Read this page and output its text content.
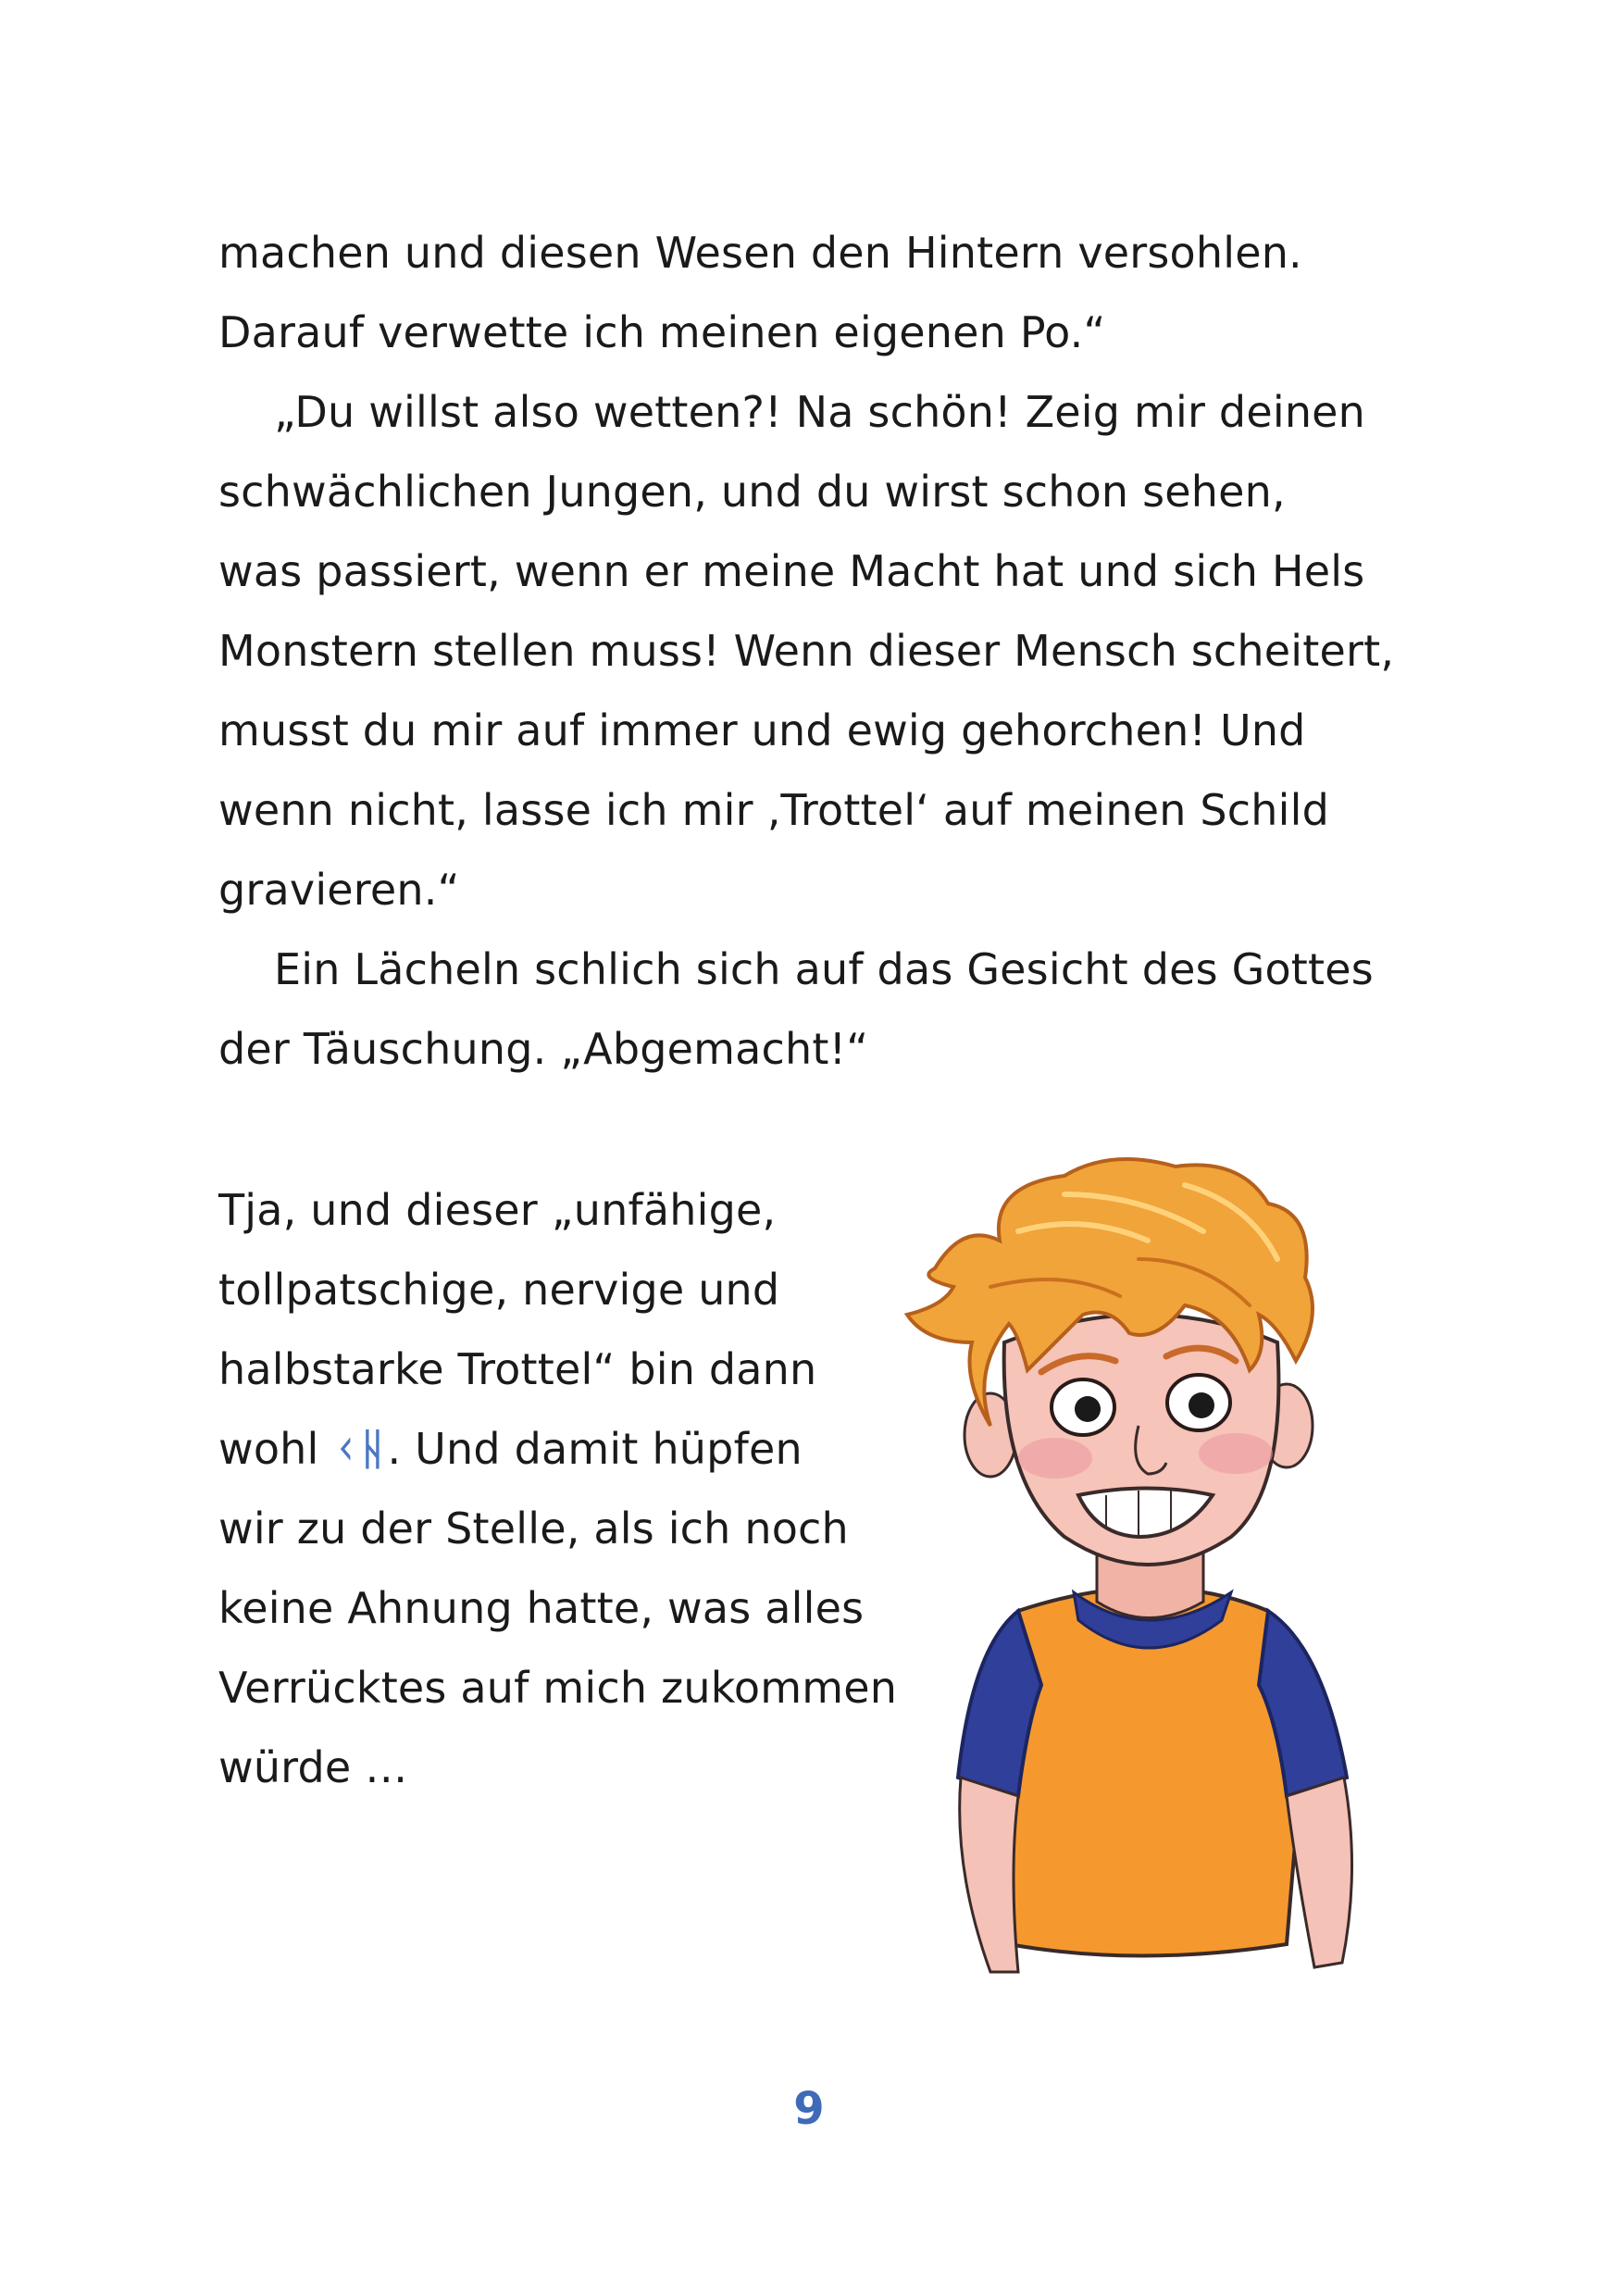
machen und diesen Wesen den Hintern versohlen.
Darauf verwette ich meinen eigenen Po.“
„Du willst also wetten?! Na schön! Zeig mir deinen
schwächlichen Jungen, und du wirst schon sehen,
was passiert, wenn er meine Macht hat und sich Hels
Monstern stellen muss! Wenn dieser Mensch scheitert,
musst du mir auf immer und ewig gehorchen! Und
wenn nicht, lasse ich mir ‚Trottel‘ auf meinen Schild
gravieren.“
Ein Lächeln schlich sich auf das Gesicht des Gottes
der Täuschung. „Abgemacht!“
Tja, und dieser „unfähige,
tollpatschige, nervige und
halbstarke Trottel“ bin dann
wohl ᚲᚺ. Und damit hüpfen
wir zu der Stelle, als ich noch
keine Ahnung hatte, was alles
Verrücktes auf mich zukommen
würde …
9
